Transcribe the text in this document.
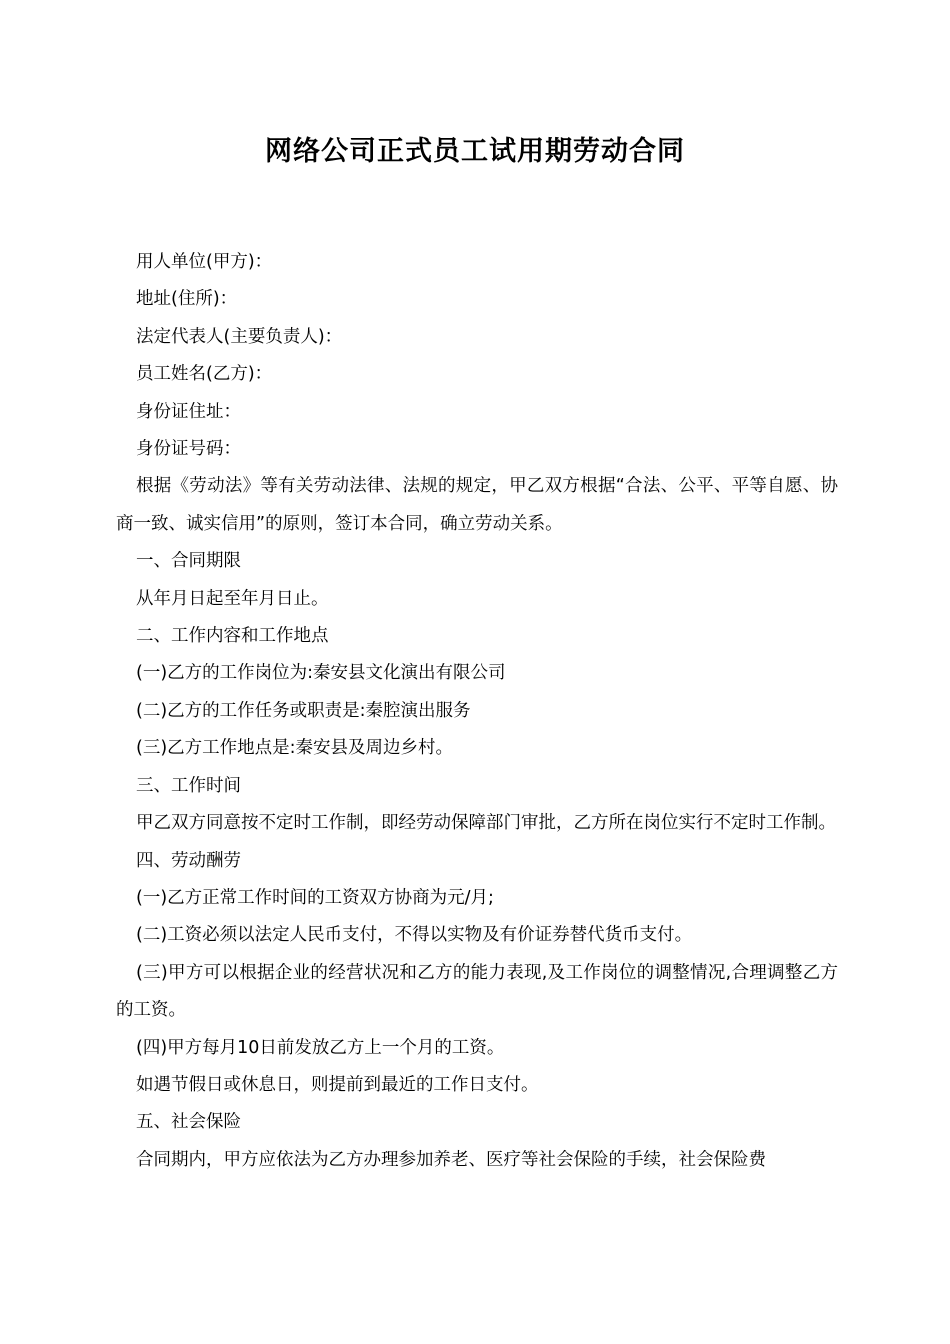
网络公司正式员工试用期劳动合同

用人单位(甲方)：

地址(住所)：

法定代表人(主要负责人)：

员工姓名(乙方)：

身份证住址：

身份证号码：

根据《劳动法》等有关劳动法律、法规的规定，甲乙双方根据“合法、公平、平等自愿、协商一致、诚实信用”的原则，签订本合同，确立劳动关系。

一、合同期限

从年月日起至年月日止。

二、工作内容和工作地点

(一)乙方的工作岗位为:秦安县文化演出有限公司

(二)乙方的工作任务或职责是:秦腔演出服务

(三)乙方工作地点是:秦安县及周边乡村。

三、工作时间

甲乙双方同意按不定时工作制，即经劳动保障部门审批，乙方所在岗位实行不定时工作制。

四、劳动酬劳

(一)乙方正常工作时间的工资双方协商为元/月;

(二)工资必须以法定人民币支付，不得以实物及有价证券替代货币支付。

(三)甲方可以根据企业的经营状况和乙方的能力表现,及工作岗位的调整情况,合理调整乙方的工资。

(四)甲方每月10日前发放乙方上一个月的工资。

如遇节假日或休息日，则提前到最近的工作日支付。

五、社会保险

合同期内，甲方应依法为乙方办理参加养老、医疗等社会保险的手续，社会保险费
